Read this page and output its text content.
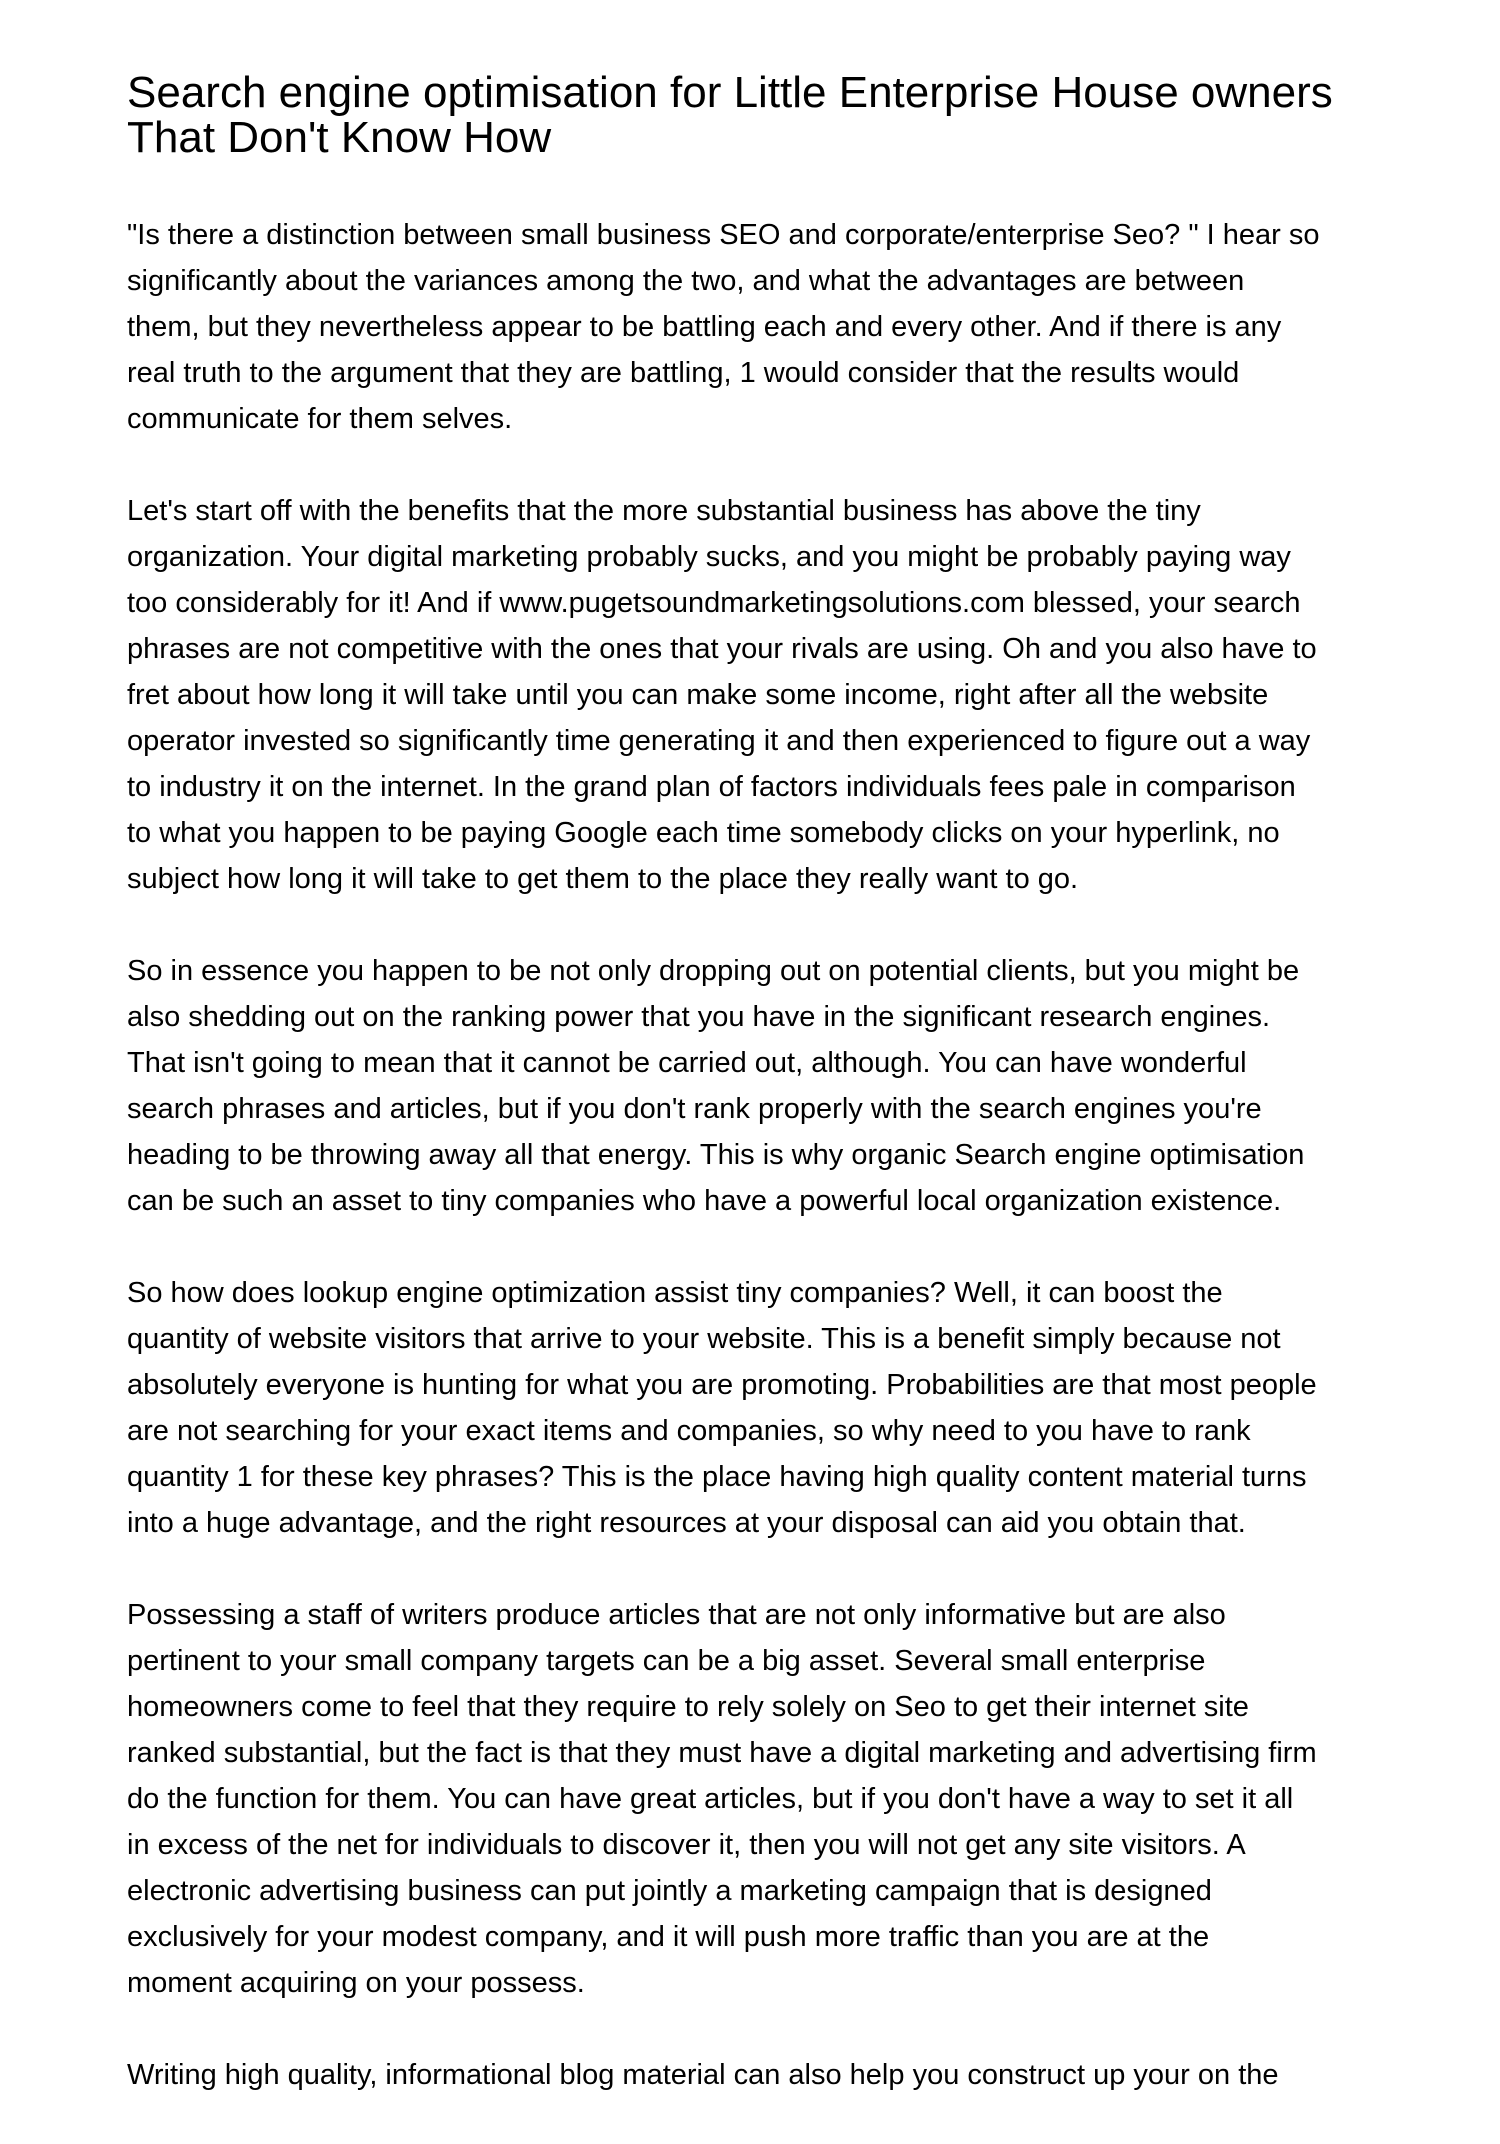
Search engine optimisation for Little Enterprise House owners
That Don't Know How
"Is there a distinction between small business SEO and corporate/enterprise Seo? " I hear so
significantly about the variances among the two, and what the advantages are between
them, but they nevertheless appear to be battling each and every other. And if there is any
real truth to the argument that they are battling, 1 would consider that the results would
communicate for them selves.
Let's start off with the benefits that the more substantial business has above the tiny
organization. Your digital marketing probably sucks, and you might be probably paying way
too considerably for it! And if www.pugetsoundmarketingsolutions.com blessed, your search
phrases are not competitive with the ones that your rivals are using. Oh and you also have to
fret about how long it will take until you can make some income, right after all the website
operator invested so significantly time generating it and then experienced to figure out a way
to industry it on the internet. In the grand plan of factors individuals fees pale in comparison
to what you happen to be paying Google each time somebody clicks on your hyperlink, no
subject how long it will take to get them to the place they really want to go.
So in essence you happen to be not only dropping out on potential clients, but you might be
also shedding out on the ranking power that you have in the significant research engines.
That isn't going to mean that it cannot be carried out, although. You can have wonderful
search phrases and articles, but if you don't rank properly with the search engines you're
heading to be throwing away all that energy. This is why organic Search engine optimisation
can be such an asset to tiny companies who have a powerful local organization existence.
So how does lookup engine optimization assist tiny companies? Well, it can boost the
quantity of website visitors that arrive to your website. This is a benefit simply because not
absolutely everyone is hunting for what you are promoting. Probabilities are that most people
are not searching for your exact items and companies, so why need to you have to rank
quantity 1 for these key phrases? This is the place having high quality content material turns
into a huge advantage, and the right resources at your disposal can aid you obtain that.
Possessing a staff of writers produce articles that are not only informative but are also
pertinent to your small company targets can be a big asset. Several small enterprise
homeowners come to feel that they require to rely solely on Seo to get their internet site
ranked substantial, but the fact is that they must have a digital marketing and advertising firm
do the function for them. You can have great articles, but if you don't have a way to set it all
in excess of the net for individuals to discover it, then you will not get any site visitors. A
electronic advertising business can put jointly a marketing campaign that is designed
exclusively for your modest company, and it will push more traffic than you are at the
moment acquiring on your possess.
Writing high quality, informational blog material can also help you construct up your on the
